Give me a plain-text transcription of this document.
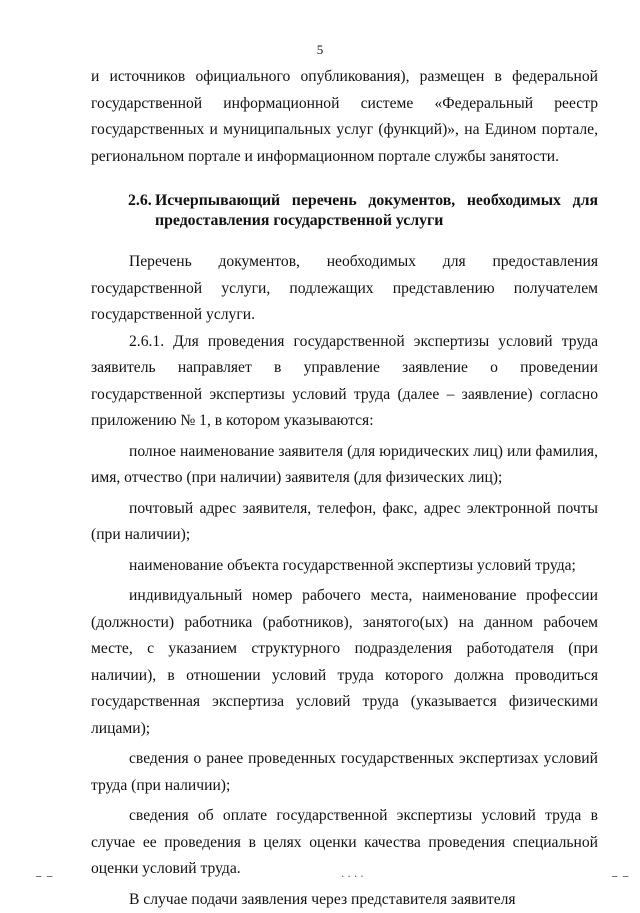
5

и источников официального опубликования), размещен в федеральной государственной информационной системе «Федеральный реестр государственных и муниципальных услуг (функций)», на Едином портале, региональном портале и информационном портале службы занятости.

2.6. Исчерпывающий перечень документов, необходимых для предоставления государственной услуги

Перечень документов, необходимых для предоставления государственной услуги, подлежащих представлению получателем государственной услуги.

2.6.1. Для проведения государственной экспертизы условий труда заявитель направляет в управление заявление о проведении государственной экспертизы условий труда (далее – заявление) согласно приложению № 1, в котором указываются:

полное наименование заявителя (для юридических лиц) или фамилия, имя, отчество (при наличии) заявителя (для физических лиц);

почтовый адрес заявителя, телефон, факс, адрес электронной почты (при наличии);

наименование объекта государственной экспертизы условий труда;

индивидуальный номер рабочего места, наименование профессии (должности) работника (работников), занятого(ых) на данном рабочем месте, с указанием структурного подразделения работодателя (при наличии), в отношении условий труда которого должна проводиться государственная экспертиза условий труда (указывается физическими лицами);

сведения о ранее проведенных государственных экспертизах условий труда (при наличии);

сведения об оплате государственной экспертизы условий труда в случае ее проведения в целях оценки качества проведения специальной оценки условий труда.

В случае подачи заявления через представителя заявителя

ـ ـ	....	ـ ـ
